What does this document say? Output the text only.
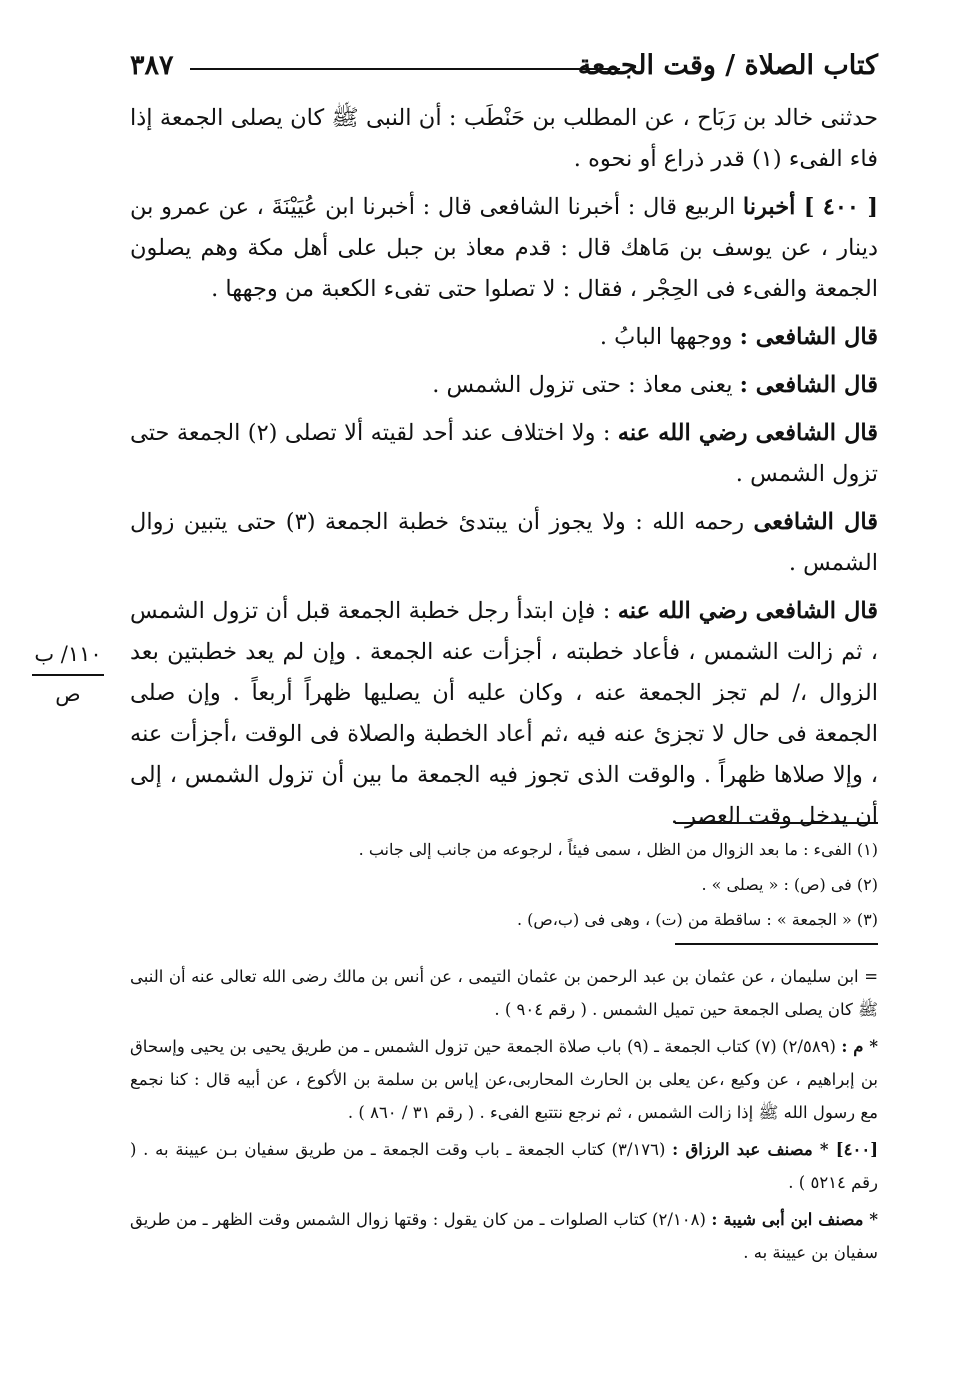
كتاب الصلاة / وقت الجمعة
٣٨٧

حدثنى خالد بن رَبَاح ، عن المطلب بن حَنْطَب : أن النبى ﷺ كان يصلى الجمعة إذا فاء الفىء (١) قدر ذراع أو نحوه .

[ ٤٠٠ ] أخبرنا الربيع قال : أخبرنا الشافعى قال : أخبرنا ابن عُيَيْنَةَ ، عن عمرو بن دينار ، عن يوسف بن مَاهك قال : قدم معاذ بن جبل على أهل مكة وهم يصلون الجمعة والفىء فى الحِجْر ، فقال : لا تصلوا حتى تفىء الكعبة من وجهها .

قال الشافعى : ووجهها البابُ .

قال الشافعى : يعنى معاذ : حتى تزول الشمس .

قال الشافعى رضي الله عنه : ولا اختلاف عند أحد لقيته ألا تصلى (٢) الجمعة حتى تزول الشمس .

قال الشافعى رحمه الله : ولا يجوز أن يبتدئ خطبة الجمعة (٣) حتى يتبين زوال الشمس .

قال الشافعى رضي الله عنه : فإن ابتدأ رجل خطبة الجمعة قبل أن تزول الشمس ، ثم زالت الشمس ، فأعاد خطبته ، أجزأت عنه الجمعة . وإن لم يعد خطبتين بعد الزوال ،/ لم تجز الجمعة عنه ، وكان عليه أن يصليها ظهراً أربعاً . وإن صلى الجمعة فى حال لا تجزئ عنه فيه ،ثم أعاد الخطبة والصلاة فى الوقت ،أجزأت عنه ، وإلا صلاها ظهراً . والوقت الذى تجوز فيه الجمعة ما بين أن تزول الشمس ، إلى أن يدخل وقت العصر .

١١٠/ ب
ص
(١) الفىء : ما بعد الزوال من الظل ، سمى فيئاً ، لرجوعه من جانب إلى جانب .
(٢) فى (ص) : « يصلى » .
(٣) « الجمعة » : ساقطة من (ت) ، وهى فى (ب،ص) .

= ابن سليمان ، عن عثمان بن عبد الرحمن بن عثمان التيمى ، عن أنس بن مالك رضى الله تعالى عنه أن النبى ﷺ كان يصلى الجمعة حين تميل الشمس . ( رقم ٩٠٤ ) .

* م : (٢/٥٨٩) (٧) كتاب الجمعة ـ (٩) باب صلاة الجمعة حين تزول الشمس ـ من طريق يحيى بن يحيى وإسحاق بن إبراهيم ، عن وكيع ،عن يعلى بن الحارث المحاربى،عن إياس بن سلمة بن الأكوع ، عن أبيه قال : كنا نجمع مع رسول الله ﷺ إذا زالت الشمس ، ثم نرجع نتتبع الفىء . ( رقم ٣١ / ٨٦٠ ) .

[٤٠٠] * مصنف عبد الرزاق : (٣/١٧٦) كتاب الجمعة ـ باب وقت الجمعة ـ من طريق سفيان بـن عيينة به . ( رقم ٥٢١٤ ) .

* مصنف ابن أبى شيبة : (٢/١٠٨) كتاب الصلوات ـ من كان يقول : وقتها زوال الشمس وقت الظهر ـ من طريق سفيان بن عيينة به .
